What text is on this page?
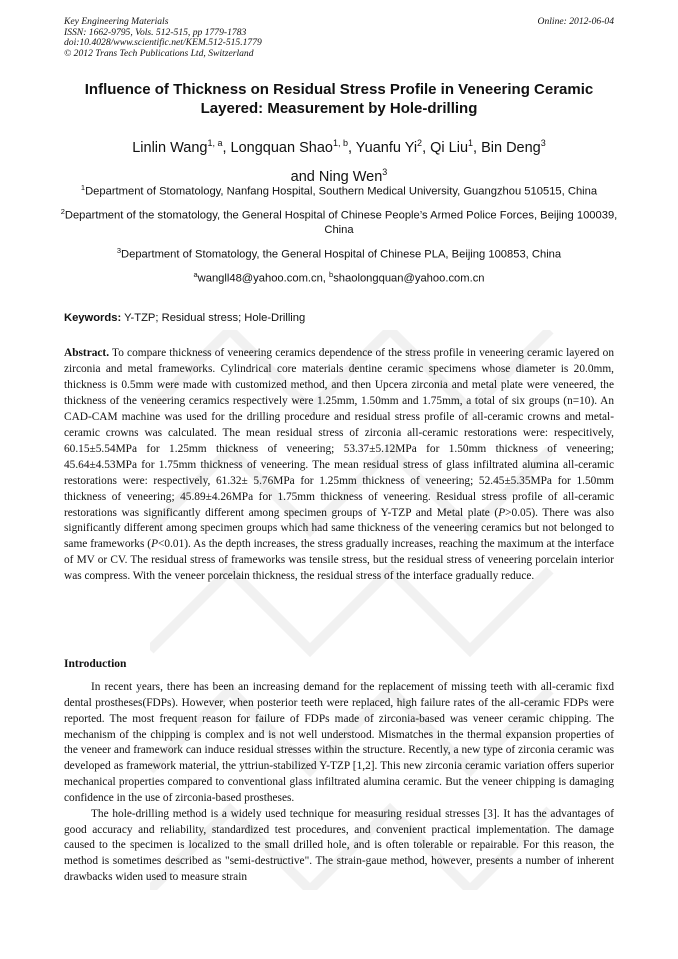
Key Engineering Materials
ISSN: 1662-9795, Vols. 512-515, pp 1779-1783
doi:10.4028/www.scientific.net/KEM.512-515.1779
© 2012 Trans Tech Publications Ltd, Switzerland
Online: 2012-06-04
Influence of Thickness on Residual Stress Profile in Veneering Ceramic Layered: Measurement by Hole-drilling
Linlin Wang$^{1, a}$, Longquan Shao$^{1, b}$, Yuanfu Yi$^2$, Qi Liu$^1$, Bin Deng$^3$
and Ning Wen$^3$

$^1$Department of Stomatology, Nanfang Hospital, Southern Medical University, Guangzhou 510515, China

$^2$Department of the stomatology, the General Hospital of Chinese People’s Armed Police Forces, Beijing 100039, China

$^3$Department of Stomatology, the General Hospital of Chinese PLA, Beijing 100853, China

$^a$wangll48@yahoo.com.cn, $^b$shaolongquan@yahoo.com.cn

Keywords: Y-TZP; Residual stress; Hole-Drilling
Abstract. To compare thickness of veneering ceramics dependence of the stress profile in veneering ceramic layered on zirconia and metal frameworks. Cylindrical core materials dentine ceramic specimens whose diameter is 20.0mm, thickness is 0.5mm were made with customized method, and then Upcera zirconia and metal plate were veneered, the thickness of the veneering ceramics respectively were 1.25mm, 1.50mm and 1.75mm, a total of six groups (n=10). An CAD-CAM machine was used for the drilling procedure and residual stress profile of all-ceramic crowns and metal-ceramic crowns was calculated. The mean residual stress of zirconia all-ceramic restorations were: respecitively, 60.15±5.54MPa for 1.25mm thickness of veneering; 53.37±5.12MPa for 1.50mm thickness of veneering; 45.64±4.53MPa for 1.75mm thickness of veneering. The mean residual stress of glass infiltrated alumina all-ceramic restorations were: respectively, 61.32± 5.76MPa for 1.25mm thickness of veneering; 52.45±5.35MPa for 1.50mm thickness of veneering; 45.89±4.26MPa for 1.75mm thickness of veneering. Residual stress profile of all-ceramic restorations was significantly different among specimen groups of Y-TZP and Metal plate (P>0.05). There was also significantly different among specimen groups which had same thickness of the veneering ceramics but not belonged to same frameworks (P<0.01). As the depth increases, the stress gradually increases, reaching the maximum at the interface of MV or CV. The residual stress of frameworks was tensile stress, but the residual stress of veneering porcelain interior was compress. With the veneer porcelain thickness, the residual stress of the interface gradually reduce.
Introduction

In recent years, there has been an increasing demand for the replacement of missing teeth with all-ceramic fixd dental prostheses(FDPs). However, when posterior teeth were replaced, high failure rates of the all-ceramic FDPs were reported. The most frequent reason for failure of FDPs made of zirconia-based was veneer ceramic chipping. The mechanism of the chipping is complex and is not well understood. Mismatches in the thermal expansion properties of the veneer and framework can induce residual stresses within the structure. Recently, a new type of zirconia ceramic was developed as framework material, the yttriun-stabilized Y-TZP [1,2]. This new zirconia ceramic variation offers superior mechanical properties compared to conventional glass infiltrated alumina ceramic. But the veneer chipping is damaging confidence in the use of zirconia-based prostheses.

The hole-drilling method is a widely used technique for measuring residual stresses [3]. It has the advantages of good accuracy and reliability, standardized test procedures, and convenient practical implementation. The damage caused to the specimen is localized to the small drilled hole, and is often tolerable or repairable. For this reason, the method is sometimes described as "semi-destructive". The strain-gaue method, however, presents a number of inherent drawbacks widen used to measure strain
